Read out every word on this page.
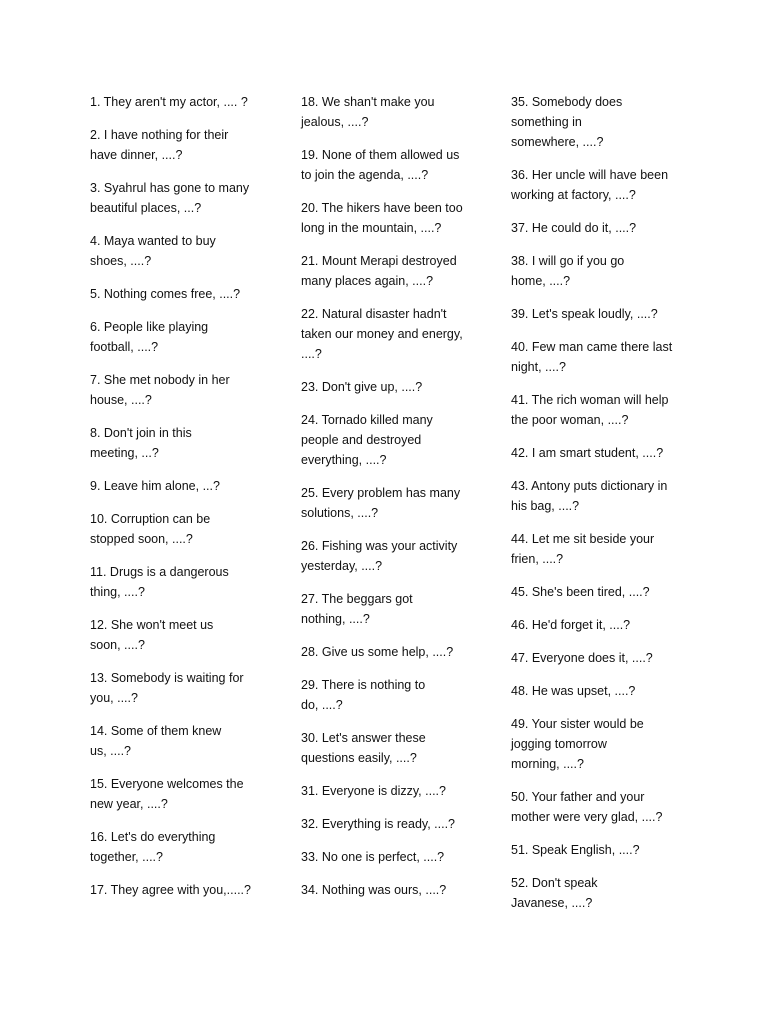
1. They aren't my actor, .... ?
2. I have nothing for their
have dinner, ....?
3. Syahrul has gone to many
beautiful places, ...?
4. Maya wanted to buy
shoes, ....?
5. Nothing comes free, ....?
6. People like playing
football, ....?
7. She met nobody in her
house, ....?
8. Don't join in this
meeting, ...?
9. Leave him alone, ...?
10. Corruption can be
stopped soon, ....?
11. Drugs is a dangerous
thing, ....?
12. She won't meet us
soon, ....?
13. Somebody is waiting for
you, ....?
14. Some of them knew
us, ....?
15. Everyone welcomes the
new year, ....?
16. Let's do everything
together, ....?
17. They agree with you,.....?
18. We shan't make you
jealous, ....?
19. None of them allowed us
to join the agenda, ....?
20. The hikers have been too
long in the mountain, ....?
21. Mount Merapi destroyed
many places again, ....?
22. Natural disaster hadn't
taken our money and energy,
....?
23. Don't give up, ....?
24. Tornado killed many
people and destroyed
everything, ....?
25. Every problem has many
solutions, ....?
26. Fishing was your activity
yesterday, ....?
27. The beggars got
nothing, ....?
28. Give us some help, ....?
29. There is nothing to
do, ....?
30. Let's answer these
questions easily, ....?
31. Everyone is dizzy, ....?
32. Everything is ready, ....?
33. No one is perfect, ....?
34. Nothing was ours, ....?
35. Somebody does
something in
somewhere, ....?
36. Her uncle will have been
working at factory, ....?
37. He could do it, ....?
38. I will go if you go
home, ....?
39. Let's speak loudly, ....?
40. Few man came there last
night, ....?
41. The rich woman will help
the poor woman, ....?
42. I am smart student, ....?
43. Antony puts dictionary in
his bag, ....?
44. Let me sit beside your
frien, ....?
45. She's been tired, ....?
46. He'd forget it, ....?
47. Everyone does it, ....?
48. He was upset, ....?
49. Your sister would be
jogging tomorrow
morning, ....?
50. Your father and your
mother were very glad, ....?
51. Speak English, ....?
52. Don't speak
Javanese, ....?
